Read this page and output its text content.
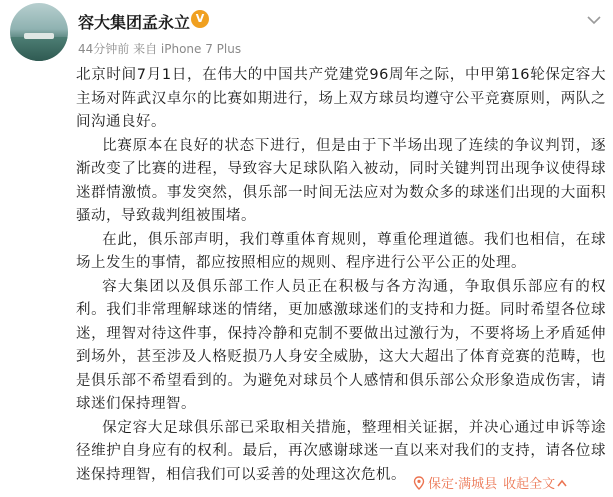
容大集团孟永立 V
44分钟前 来自 iPhone 7 Plus

北京时间7月1日，在伟大的中国共产党建党96周年之际，中甲第16轮保定容大主场对阵武汉卓尔的比赛如期进行，场上双方球员均遵守公平竞赛原则，两队之间沟通良好。

比赛原本在良好的状态下进行，但是由于下半场出现了连续的争议判罚，逐渐改变了比赛的进程，导致容大足球队陷入被动，同时关键判罚出现争议使得球迷群情激愤。事发突然，俱乐部一时间无法应对为数众多的球迷们出现的大面积骚动，导致裁判组被围堵。

在此，俱乐部声明，我们尊重体育规则，尊重伦理道德。我们也相信，在球场上发生的事情，都应按照相应的规则、程序进行公平公正的处理。

容大集团以及俱乐部工作人员正在积极与各方沟通，争取俱乐部应有的权利。我们非常理解球迷的情绪，更加感激球迷们的支持和力挺。同时希望各位球迷，理智对待这件事，保持冷静和克制不要做出过激行为，不要将场上矛盾延伸到场外，甚至涉及人格贬损乃人身安全威胁，这大大超出了体育竞赛的范畴，也是俱乐部不希望看到的。为避免对球员个人感情和俱乐部公众形象造成伤害，请球迷们保持理智。

保定容大足球俱乐部已采取相关措施，整理相关证据，并决心通过申诉等途径维护自身应有的权利。最后，再次感谢球迷一直以来对我们的支持，请各位球迷保持理智，相信我们可以妥善的处理这次危机。

保定·满城县 收起全文
